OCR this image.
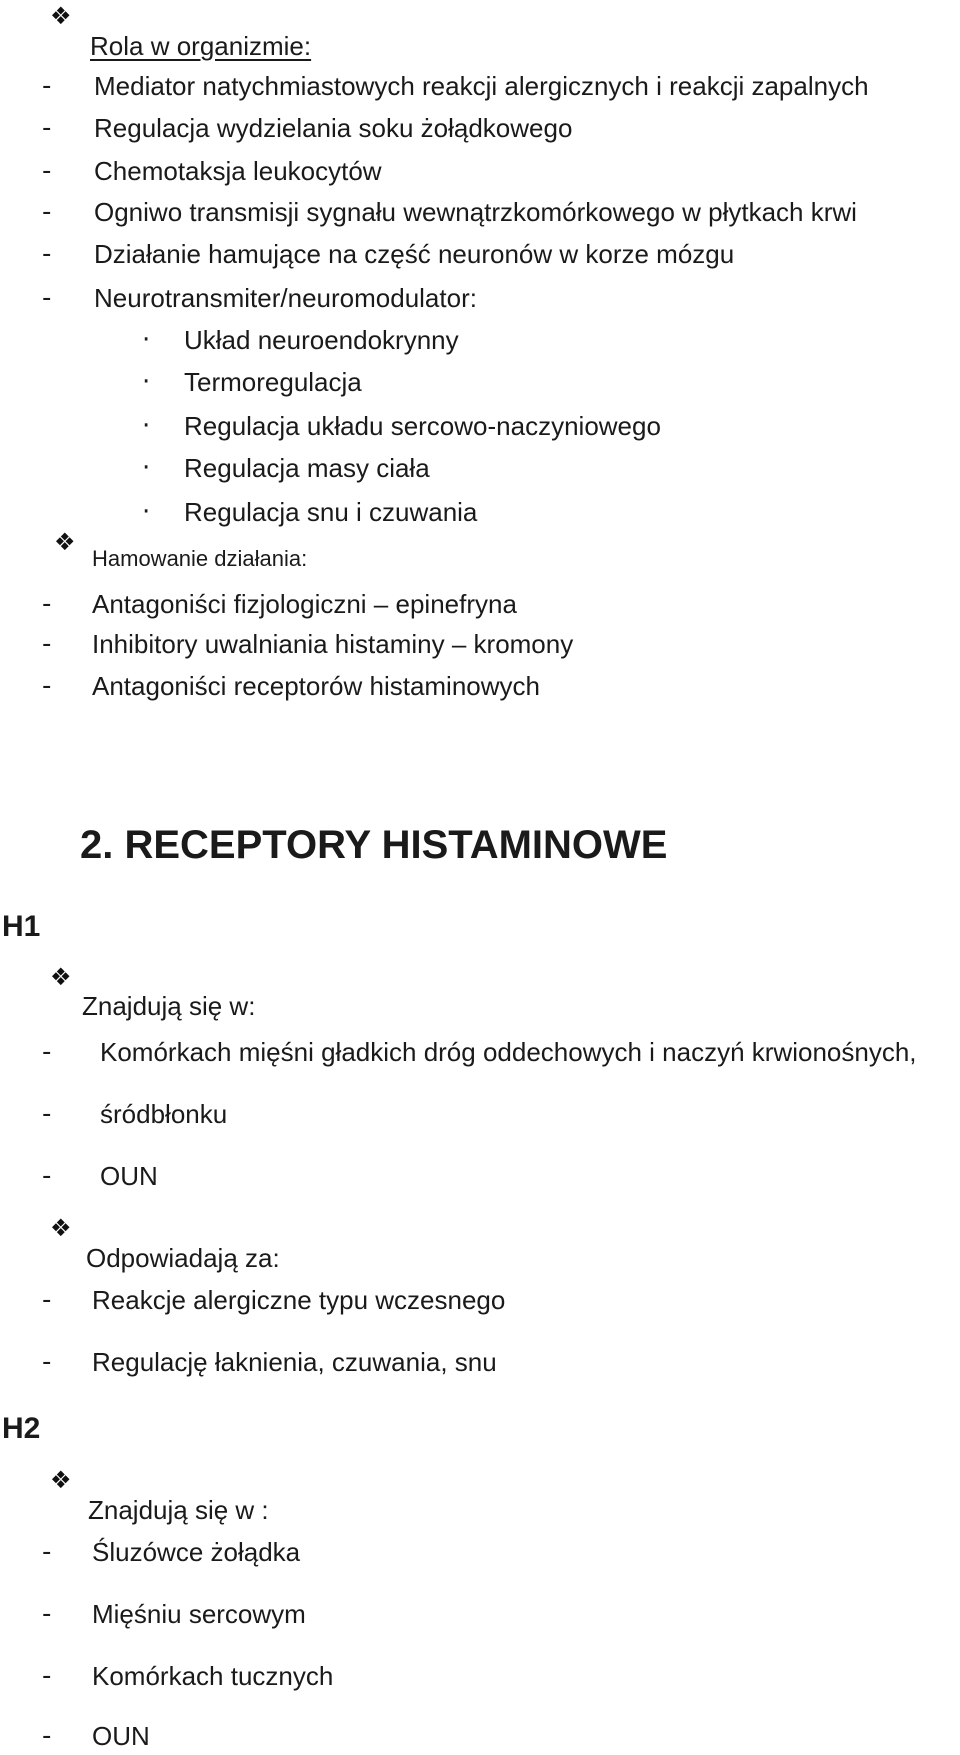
❖
Rola w organizmie:
- Mediator natychmiastowych reakcji alergicznych i reakcji zapalnych
- Regulacja wydzielania soku żołądkowego
- Chemotaksja leukocytów
- Ogniwo transmisji sygnału wewnątrzkomórkowego w płytkach krwi
- Działanie hamujące na część neuronów w korze mózgu
- Neurotransmiter/neuromodulator:
· Układ neuroendokrynny
· Termoregulacja
· Regulacja układu sercowo-naczyniowego
· Regulacja masy ciała
· Regulacja snu i czuwania
❖
Hamowanie działania:
- Antagoniści fizjologiczni – epinefryna
- Inhibitory uwalniania histaminy – kromony
- Antagoniści receptorów histaminowych
2. RECEPTORY HISTAMINOWE
H1
❖
Znajdują się w:
- Komórkach mięśni gładkich dróg oddechowych i naczyń krwionośnych,
- śródbłonku
- OUN
❖
Odpowiadają za:
- Reakcje alergiczne typu wczesnego
- Regulację łaknienia, czuwania, snu
H2
❖
Znajdują się w :
- Śluzówce żołądka
- Mięśniu sercowym
- Komórkach tucznych
- OUN
